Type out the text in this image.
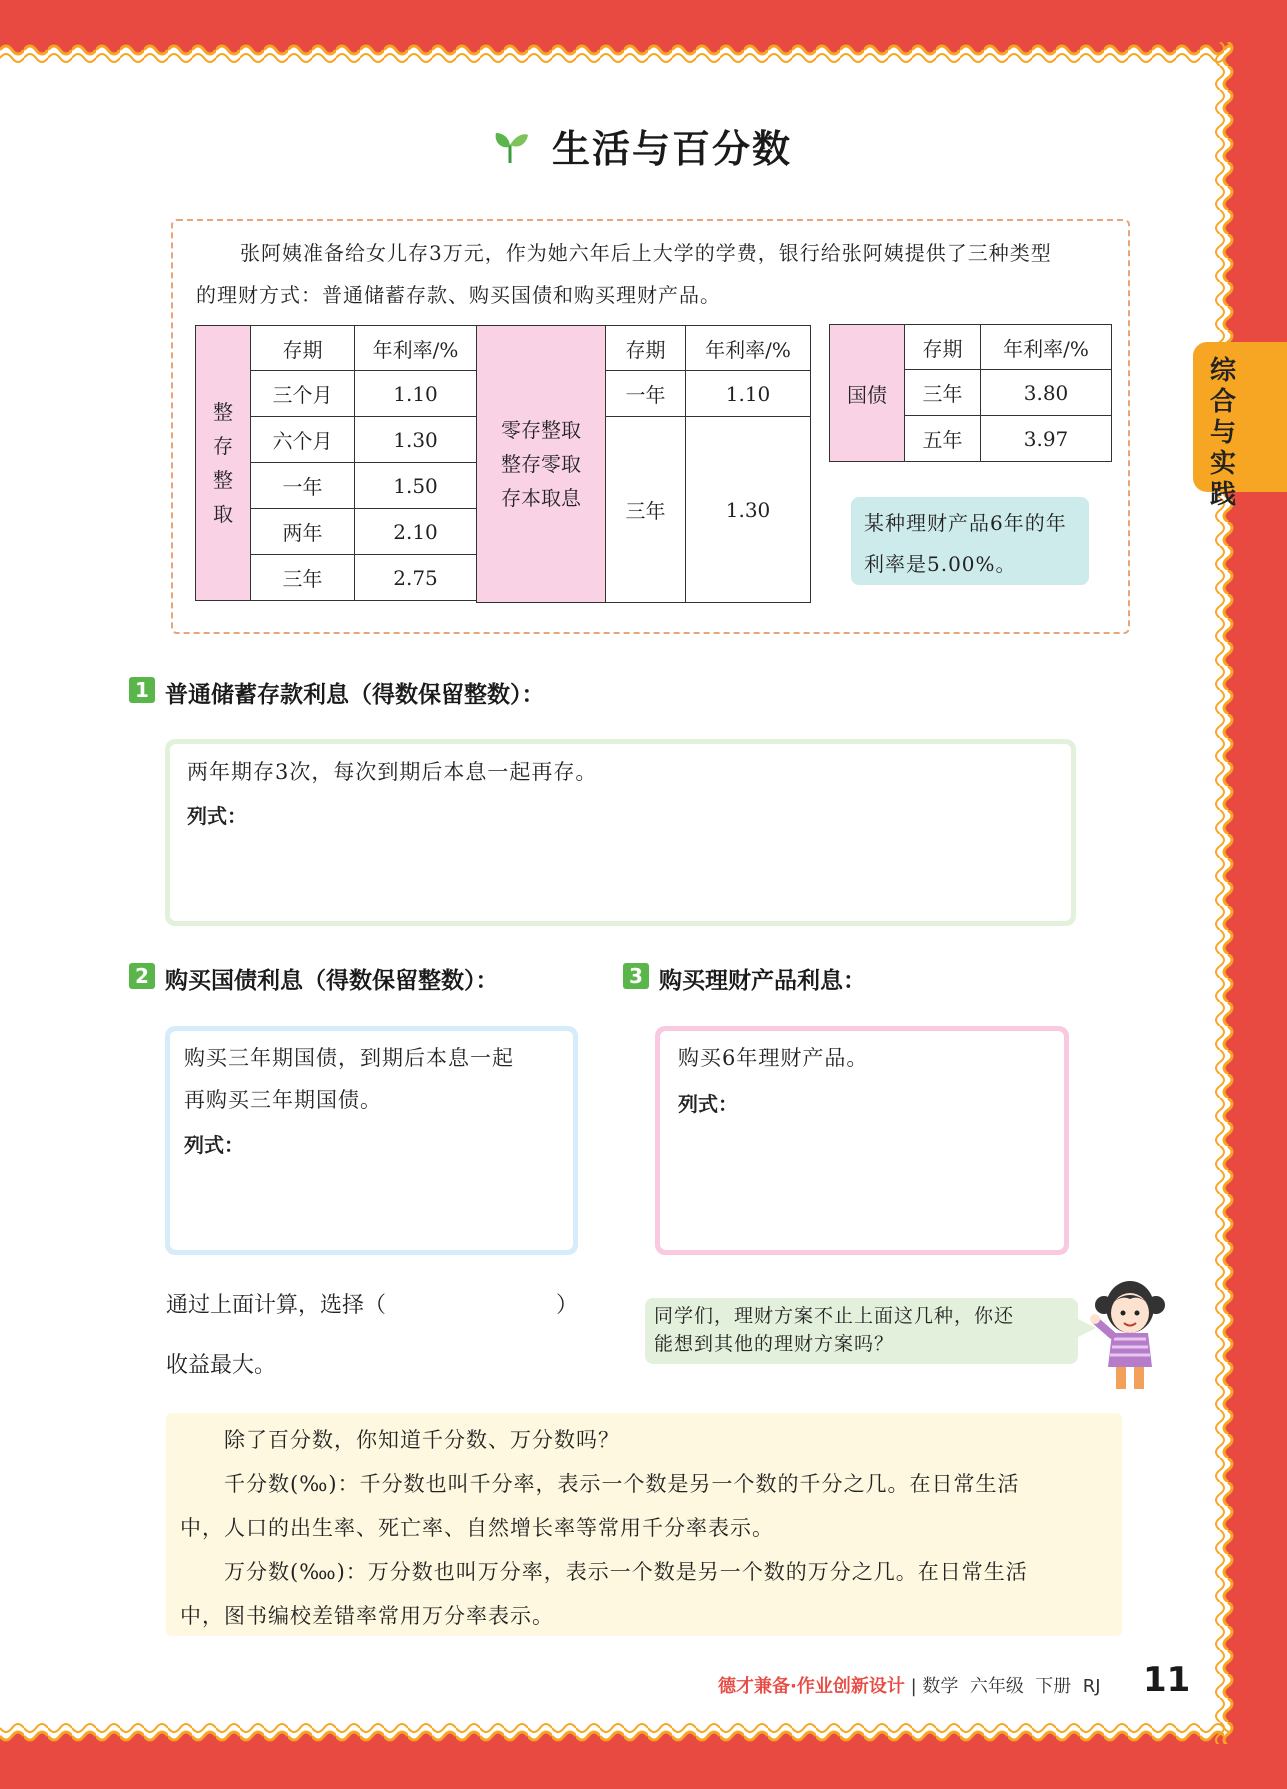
生活与百分数
综合与实践
张阿姨准备给女儿存3万元，作为她六年后上大学的学费，银行给张阿姨提供了三种类型
的理财方式：普通储蓄存款、购买国债和购买理财产品。
整存整取	存期	年利率/%
	三个月	1.10
	六个月	1.30
	一年	1.50
	两年	2.10
	三年	2.75
零存整取
整存零取
存本取息	存期	年利率/%
	一年	1.10
	三年	1.30
国债	存期	年利率/%
	三年	3.80
	五年	3.97
某种理财产品6年的年利率是5.00%。
1 普通储蓄存款利息（得数保留整数）：
两年期存3次，每次到期后本息一起再存。
列式：
2 购买国债利息（得数保留整数）：
购买三年期国债，到期后本息一起
再购买三年期国债。
列式：
3 购买理财产品利息：
购买6年理财产品。
列式：
通过上面计算，选择（	）
收益最大。
同学们，理财方案不止上面这几种，你还
能想到其他的理财方案吗？
除了百分数，你知道千分数、万分数吗？
千分数(‰)：千分数也叫千分率，表示一个数是另一个数的千分之几。在日常生活
中，人口的出生率、死亡率、自然增长率等常用千分率表示。
万分数(‱)：万分数也叫万分率，表示一个数是另一个数的万分之几。在日常生活
中，图书编校差错率常用万分率表示。
德才兼备·作业创新设计 | 数学 六年级 下册 RJ 11
